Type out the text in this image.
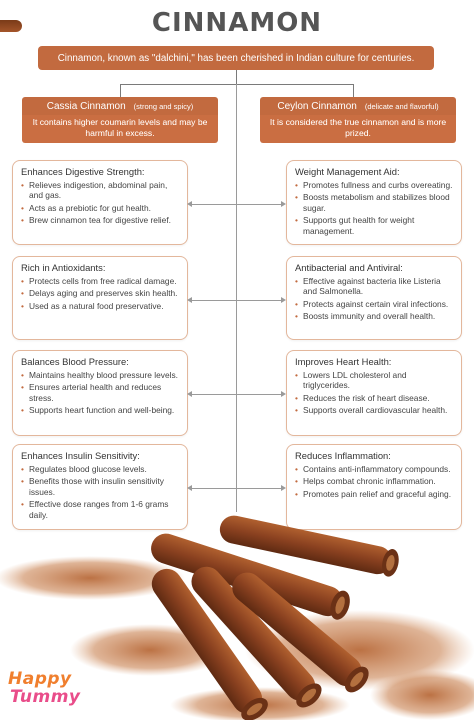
CINNAMON
Cinnamon, known as "dalchini," has been cherished in Indian culture for centuries.
Cassia Cinnamon (strong and spicy)
It contains higher coumarin levels and may be harmful in excess.
Ceylon Cinnamon (delicate and flavorful)
It is considered the true cinnamon and is more prized.
Enhances Digestive Strength:
• Relieves indigestion, abdominal pain, and gas.
• Acts as a prebiotic for gut health.
• Brew cinnamon tea for digestive relief.
Rich in Antioxidants:
• Protects cells from free radical damage.
• Delays aging and preserves skin health.
• Used as a natural food preservative.
Balances Blood Pressure:
• Maintains healthy blood pressure levels.
• Ensures arterial health and reduces stress.
• Supports heart function and well-being.
Enhances Insulin Sensitivity:
• Regulates blood glucose levels.
• Benefits those with insulin sensitivity issues.
• Effective dose ranges from 1-6 grams daily.
Weight Management Aid:
• Promotes fullness and curbs overeating.
• Boosts metabolism and stabilizes blood sugar.
• Supports gut health for weight management.
Antibacterial and Antiviral:
• Effective against bacteria like Listeria and Salmonella.
• Protects against certain viral infections.
• Boosts immunity and overall health.
Improves Heart Health:
• Lowers LDL cholesterol and triglycerides.
• Reduces the risk of heart disease.
• Supports overall cardiovascular health.
Reduces Inflammation:
• Contains anti-inflammatory compounds.
• Helps combat chronic inflammation.
• Promotes pain relief and graceful aging.
Happy
Tummy
